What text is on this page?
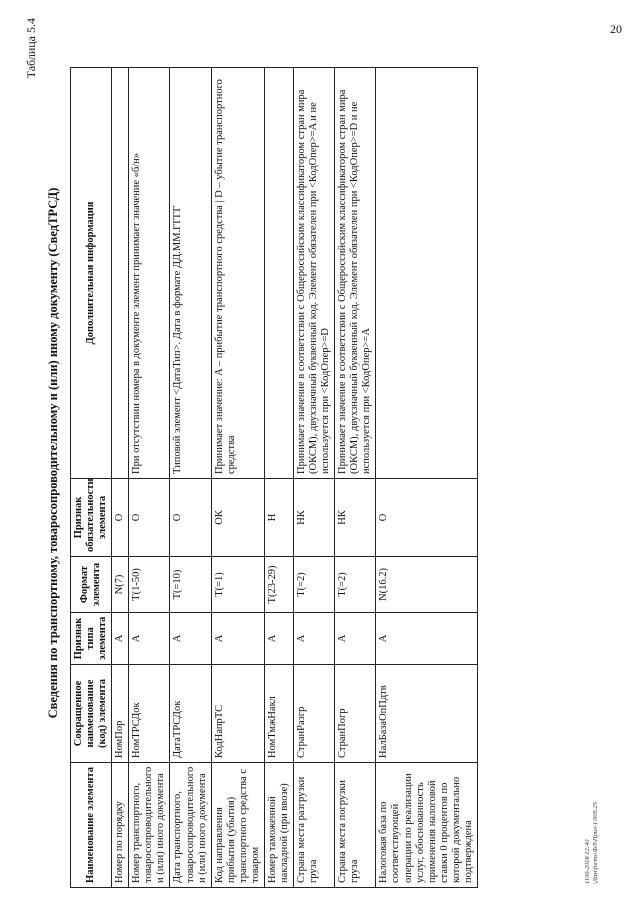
20
Таблица 5.4
Сведения по транспортному, товаросопроводительному и (или) иному документу (СведТРСД)
Наименование элемента	Сокращенное наименование (код) элемента	Признак типа элемента	Формат элемента	Признак обязательности элемента	Дополнительная информация
Номер по порядку	НомПор	А	N(7)	О	
Номер транспортного, товаросопроводительного и (или) иного документа	НомТРСДок	А	T(1-50)	О	При отсутствии номера в документе элемент принимает значение «б/н»
Дата транспортного, товаросопроводительного и (или) иного документа	ДатаТРСДок	А	T(=10)	О	Типовой элемент <ДатаТип>. Дата в формате ДД.ММ.ГГГГ
Код направления прибытия (убытия) транспортного средства с товаром	КодНапрТС	А	T(=1)	ОК	Принимает значение: A – прибытие транспортного средства | D – убытие транспортного средства
Номер таможенной накладной (при ввозе)	НомТмжНакл	А	T(23-29)	Н	
Страна места разгрузки груза	СтранРазгр	А	T(=2)	НК	Принимает значение в соответствии с Общероссийским классификатором стран мира (ОКСМ), двухзначный буквенный код. Элемент обязателен при <КодОпер>=A и не используется при <КодОпер>=D
Страна места погрузки груза	СтранПогр	А	T(=2)	НК	Принимает значение в соответствии с Общероссийским классификатором стран мира (ОКСМ), двухзначный буквенный код. Элемент обязателен при <КодОпер>=D и не используется при <КодОпер>=A
Налоговая база по соответствующей операции по реализации услуг, обоснованность применения налоговой ставки 0 процентов по которой документально подтверждена	НалБазаОпПдтв	А	N(16.2)	О	
1109-2018 12:40 \Дом\forms\ФЛ\Прил-1\905.25
